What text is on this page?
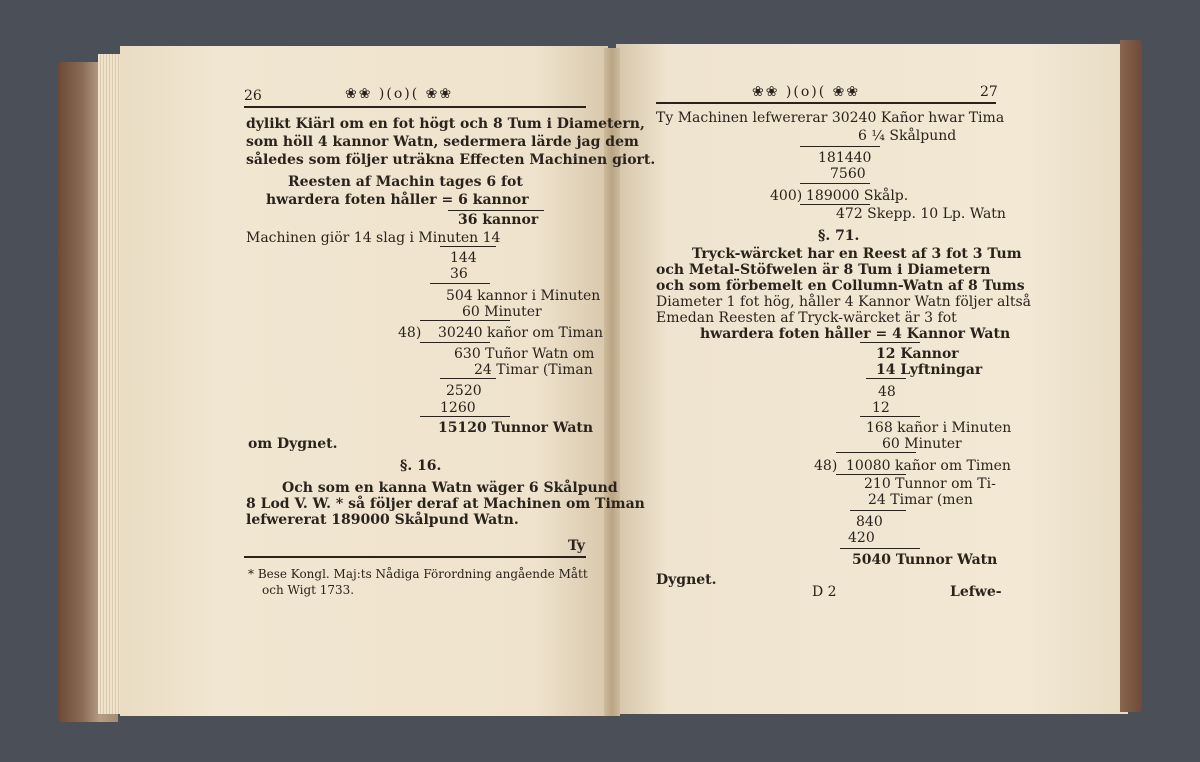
26	❀❀ )(o)( ❀❀
dylikt Kiärl om en fot högt och 8 Tum i Diametern,
som höll 4 kannor Watn, sedermera lärde jag dem
således som följer uträkna Effecten Machinen giort.
Reesten af Machin tages 6 fot
hwardera foten håller = 6 kannor
36 kannor
Machinen giör 14 slag i Minuten 14
144
36
504 kannor i Minuten
60 Minuter
48) 30240 kañor om Timan
630 Tuñor Watn om
24 Timar (Timan
2520
1260
15120 Tunnor Watn
om Dygnet.
§. 16.
Och som en kanna Watn wäger 6 Skålpund
8 Lod V. W. * så följer deraf at Machinen om Timan
lefwererat 189000 Skålpund Watn.
Ty
* Bese Kongl. Maj:ts Nådiga Förordning angående Mått
och Wigt 1733.
❀❀ )(o)( ❀❀	27
Ty Machinen lefwererar 30240 Kañor hwar Tima
6 ¼ Skålpund
181440
7560
400) 189000 Skålp.
472 Skepp. 10 Lp. Watn
§. 71.
Tryck-wärcket har en Reest af 3 fot 3 Tum
och Metal-Stöfwelen är 8 Tum i Diametern
och som förbemelt en Collumn-Watn af 8 Tums
Diameter 1 fot hög, håller 4 Kannor Watn följer altså
Emedan Reesten af Tryck-wärcket är 3 fot
hwardera foten håller = 4 Kannor Watn
12 Kannor
14 Lyftningar
48
12
168 kañor i Minuten
60 Minuter
48) 10080 kañor om Timen
210 Tunnor om Ti-
24 Timar (men
840
420
5040 Tunnor Watn
Dygnet.
D 2	Lefwe-
